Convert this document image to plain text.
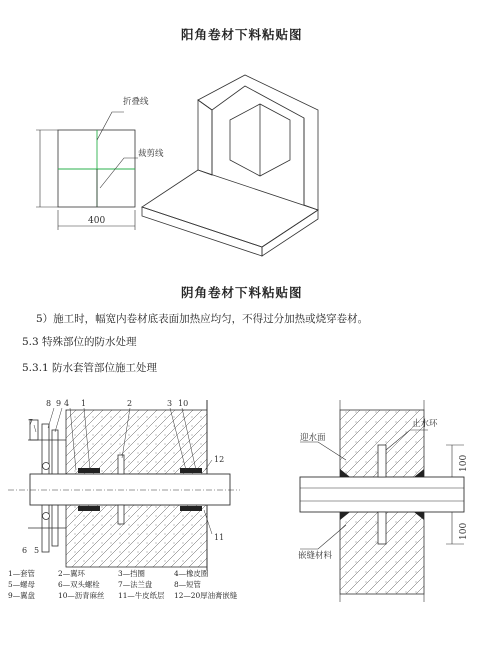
阳角卷材下料粘贴图
阴角卷材下料粘贴图
5）施工时，幅宽内卷材底表面加热应均匀，不得过分加热或烧穿卷材。
5.3 特殊部位的防水处理
5.3.1 防水套管部位施工处理
400
折叠线
裁剪线
8 9 4 1	2	3 10
7
6 5
12
11
1—套管	2—翼环	3—挡圈	4—橡皮圈
5—螺母	6—双头螺栓 7—法兰盘	8—短管
9—翼盘	10—沥青麻丝 11—牛皮纸层 12—20厚油膏嵌缝
100
100
止水环
迎水面
嵌缝材料
